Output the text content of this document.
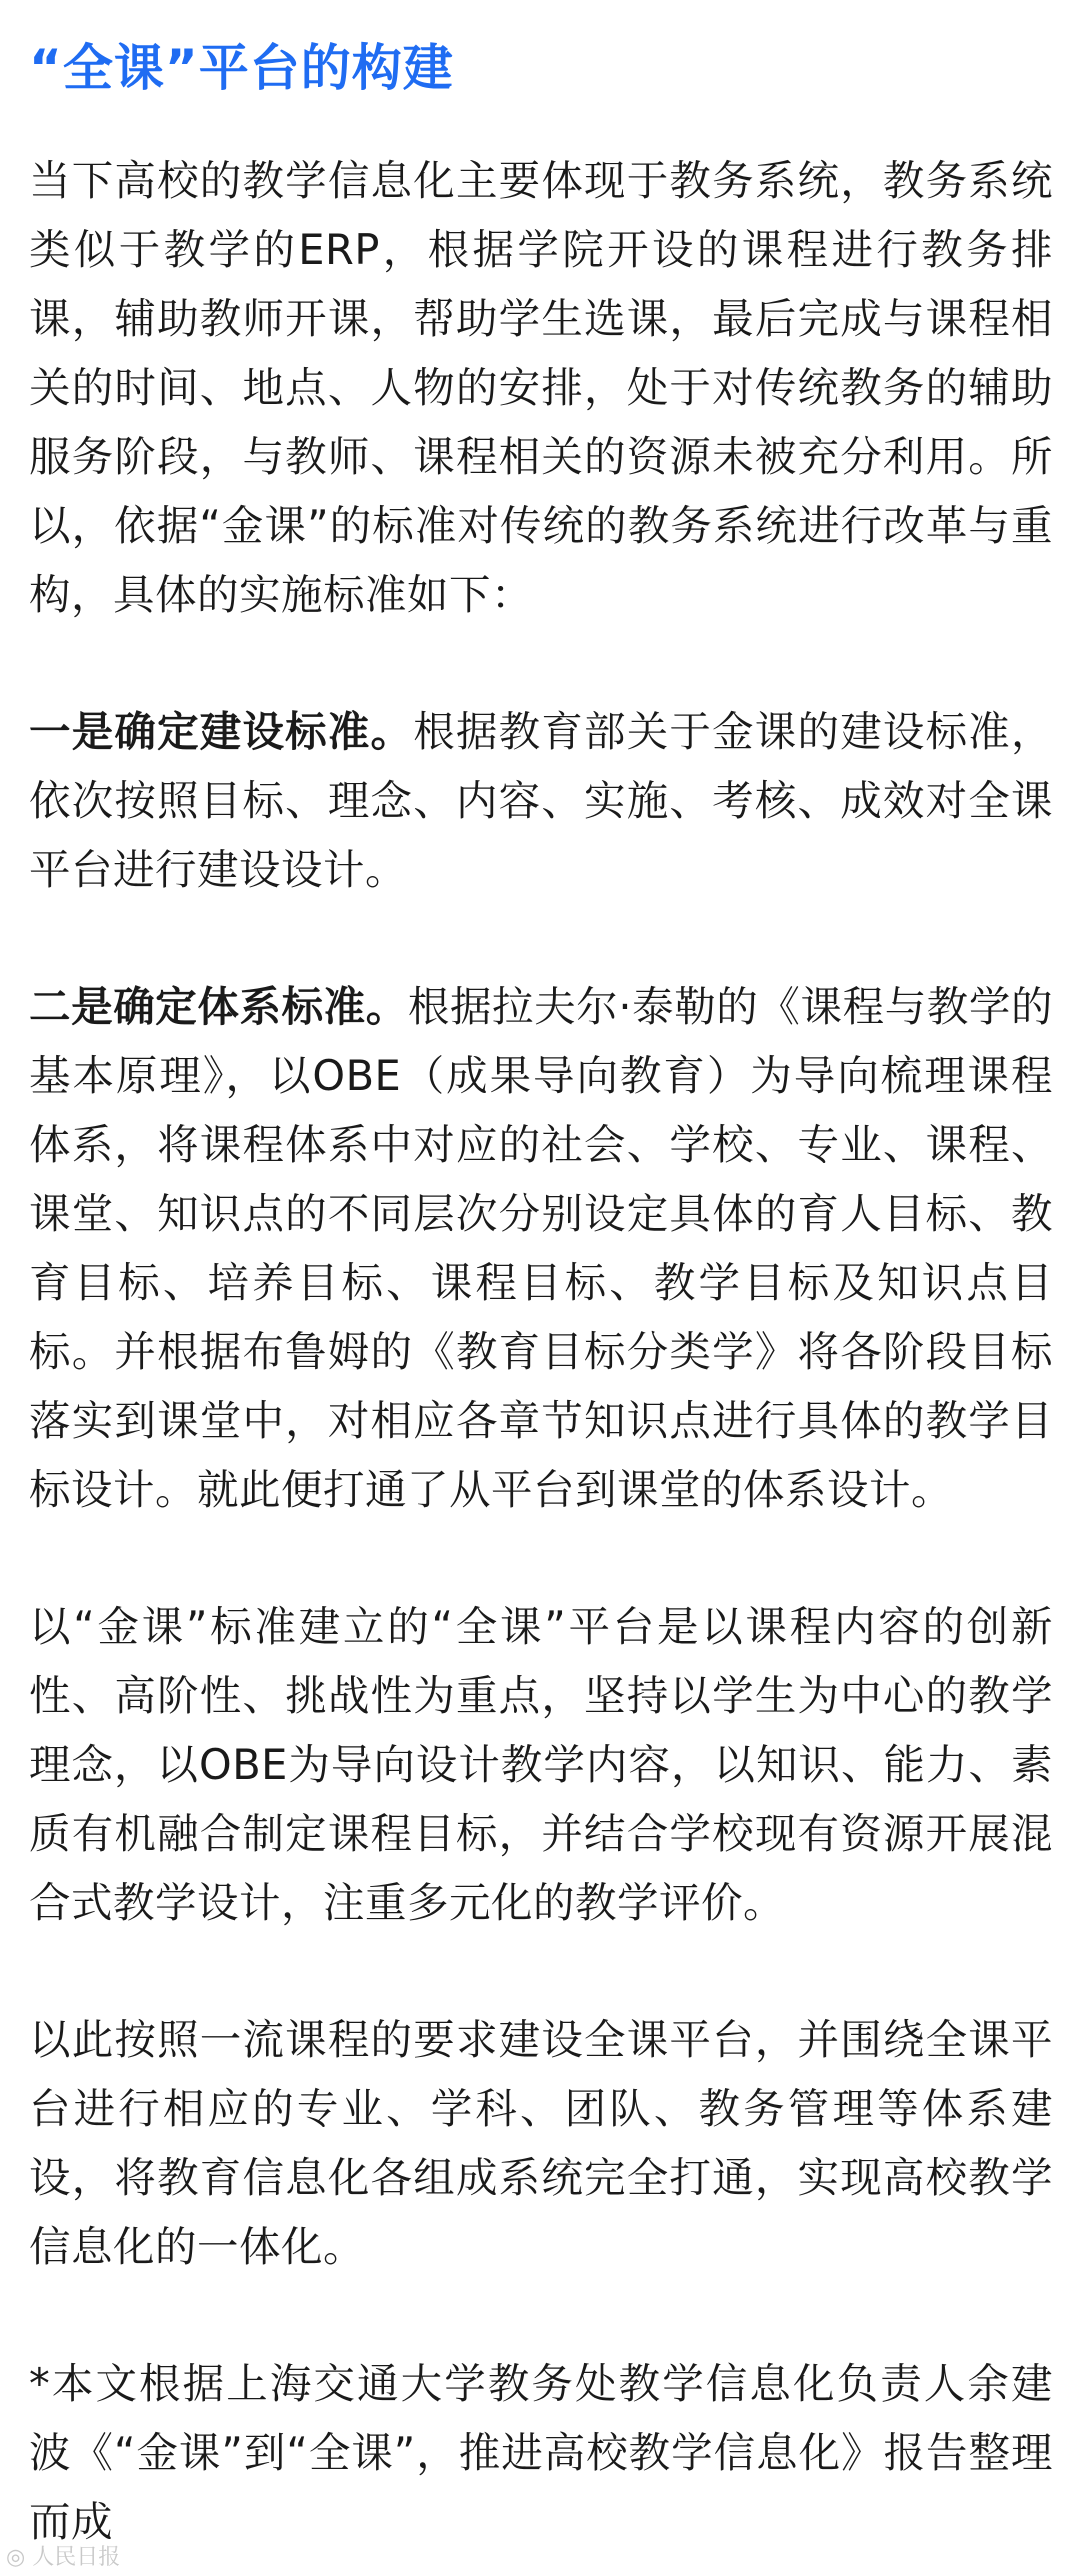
“全课”平台的构建

当下高校的教学信息化主要体现于教务系统，教务系统类似于教学的ERP，根据学院开设的课程进行教务排课，辅助教师开课，帮助学生选课，最后完成与课程相关的时间、地点、人物的安排，处于对传统教务的辅助服务阶段，与教师、课程相关的资源未被充分利用。所以，依据“金课”的标准对传统的教务系统进行改革与重构，具体的实施标准如下：

一是确定建设标准。根据教育部关于金课的建设标准，依次按照目标、理念、内容、实施、考核、成效对全课平台进行建设设计。

二是确定体系标准。根据拉夫尔·泰勒的《课程与教学的基本原理》，以OBE（成果导向教育）为导向梳理课程体系，将课程体系中对应的社会、学校、专业、课程、课堂、知识点的不同层次分别设定具体的育人目标、教育目标、培养目标、课程目标、教学目标及知识点目标。并根据布鲁姆的《教育目标分类学》将各阶段目标落实到课堂中，对相应各章节知识点进行具体的教学目标设计。就此便打通了从平台到课堂的体系设计。

以“金课”标准建立的“全课”平台是以课程内容的创新性、高阶性、挑战性为重点，坚持以学生为中心的教学理念，以OBE为导向设计教学内容，以知识、能力、素质有机融合制定课程目标，并结合学校现有资源开展混合式教学设计，注重多元化的教学评价。

以此按照一流课程的要求建设全课平台，并围绕全课平台进行相应的专业、学科、团队、教务管理等体系建设，将教育信息化各组成系统完全打通，实现高校教学信息化的一体化。

*本文根据上海交通大学教务处教学信息化负责人余建波《“金课”到“全课”，推进高校教学信息化》报告整理而成

◎ 人民日报
